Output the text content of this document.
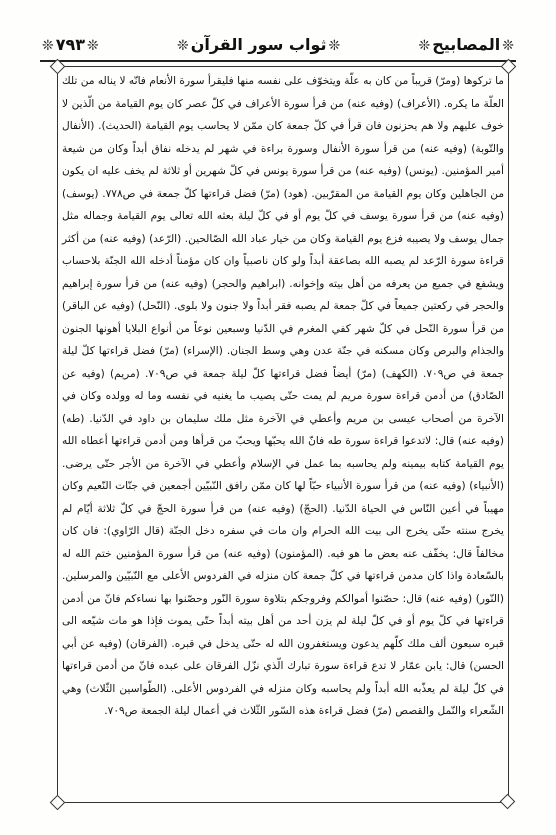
❊ ٧٩٣ ❊	❊ ثواب سور القرآن ❊	❊ المصابيح ❊

ما تركوها (ومرّ) قريباً من كان به علّة ويتخوّف على نفسه منها فليقرأ سورة الأنعام فانّه لا يناله من تلك العلّة ما يكره. (الأعراف) (وفيه عنه) من قرأ سورة الأعراف في كلّ عصر كان يوم القيامة من الّذين لا خوف عليهم ولا هم يحزنون فان قرأ في كلّ جمعة كان ممّن لا يحاسب يوم القيامة (الحديث). (الأنفال والتّوبة) (وفيه عنه) من قرأ سورة الأنفال وسورة براءة في شهر لم يدخله نفاق أبداً وكان من شيعة أمير المؤمنين. (يونس) (وفيه عنه) من قرأ سورة يونس في كلّ شهرين أو ثلاثة لم يخف عليه ان يكون من الجاهلين وكان يوم القيامة من المقرّبين. (هود) (مرّ) فضل قراءتها كلّ جمعة في ص٧٧٨. (يوسف) (وفيه عنه) من قرأ سورة يوسف في كلّ يوم أو في كلّ ليلة بعثه الله تعالى يوم القيامة وجماله مثل جمال يوسف ولا يصيبه فزع يوم القيامة وكان من خيار عباد الله الصّالحين. (الرّعد) (وفيه عنه) من أكثر قراءة سورة الرّعد لم يصبه الله بصاعقة أبداً ولو كان ناصبياً وان كان مؤمناً أدخله الله الجنّة بلاحساب ويشفع في جميع من يعرفه من أهل بيته وإخوانه. (ابراهيم والحجر) (وفيه عنه) من قرأ سورة إبراهيم والحجر في ركعتين جميعاً في كلّ جمعة لم يصبه فقر أبداً ولا جنون ولا بلوى. (النّحل) (وفيه عن الباقر) من قرأ سورة النّحل في كلّ شهر كفي المغرم في الدّنيا وسبعين نوعاً من أنواع البلايا أهونها الجنون والجذام والبرص وكان مسكنه في جنّة عدن وهي وسط الجنان. (الإسراء) (مرّ) فضل قراءتها كلّ ليلة جمعة في ص٧٠٩. (الكهف) (مرّ) أيضاً فضل قراءتها كلّ ليلة جمعة في ص٧٠٩. (مريم) (وفيه عن الصّادق) من أدمن قراءة سورة مريم لم يمت حتّى يصيب ما يغنيه في نفسه وما له وولده وكان في الآخرة من أصحاب عيسى بن مريم وأعطي في الآخرة مثل ملك سليمان بن داود في الدّنيا. (طه) (وفيه عنه) قال: لاتدعوا قراءة سورة طه فانّ الله يحبّها ويحبّ من قرأها ومن أدمن قراءتها أعطاه الله يوم القيامة كتابه بيمينه ولم يحاسبه بما عمل في الإسلام وأعطي في الآخرة من الأجر حتّى يرضى. (الأنبياء) (وفيه عنه) من قرأ سورة الأنبياء حبّاً لها كان ممّن رافق النّبيّين أجمعين في جنّات النّعيم وكان مهيباً في أعين النّاس في الحياة الدّنيا. (الحجّ) (وفيه عنه) من قرأ سورة الحجّ في كلّ ثلاثة أيّام لم يخرج سنته حتّى يخرج الى بيت الله الحرام وان مات في سفره دخل الجنّة (قال الرّاوي): فان كان مخالفاً قال: يخفّف عنه بعض ما هو فيه. (المؤمنون) (وفيه عنه) من قرأ سورة المؤمنين ختم الله له بالسّعادة واذا كان مدمن قراءتها في كلّ جمعة كان منزله في الفردوس الأعلى مع النّبيّين والمرسلين. (النّور) (وفيه عنه) قال: حصّنوا أموالكم وفروجكم بتلاوة سورة النّور وحصّنوا بها نساءكم فانّ من أدمن قراءتها في كلّ يوم أو في كلّ ليلة لم يزن أحد من أهل بيته أبداً حتّى يموت فإذا هو مات شيّعه الى قبره سبعون ألف ملك كلّهم يدعون ويستغفرون الله له حتّى يدخل في قبره. (الفرقان) (وفيه عن أبي الحسن) قال: يابن عمّار لا تدع قراءة سورة تبارك الّذي نزّل الفرقان على عبده فانّ من أدمن قراءتها في كلّ ليلة لم يعذّبه الله أبداً ولم يحاسبه وكان منزله في الفردوس الأعلى. (الطّواسين الثّلاث) وهي الشّعراء والنّمل والقصص (مرّ) فضل قراءة هذه السّور الثّلاث في أعمال ليلة الجمعة ص٧٠٩.
